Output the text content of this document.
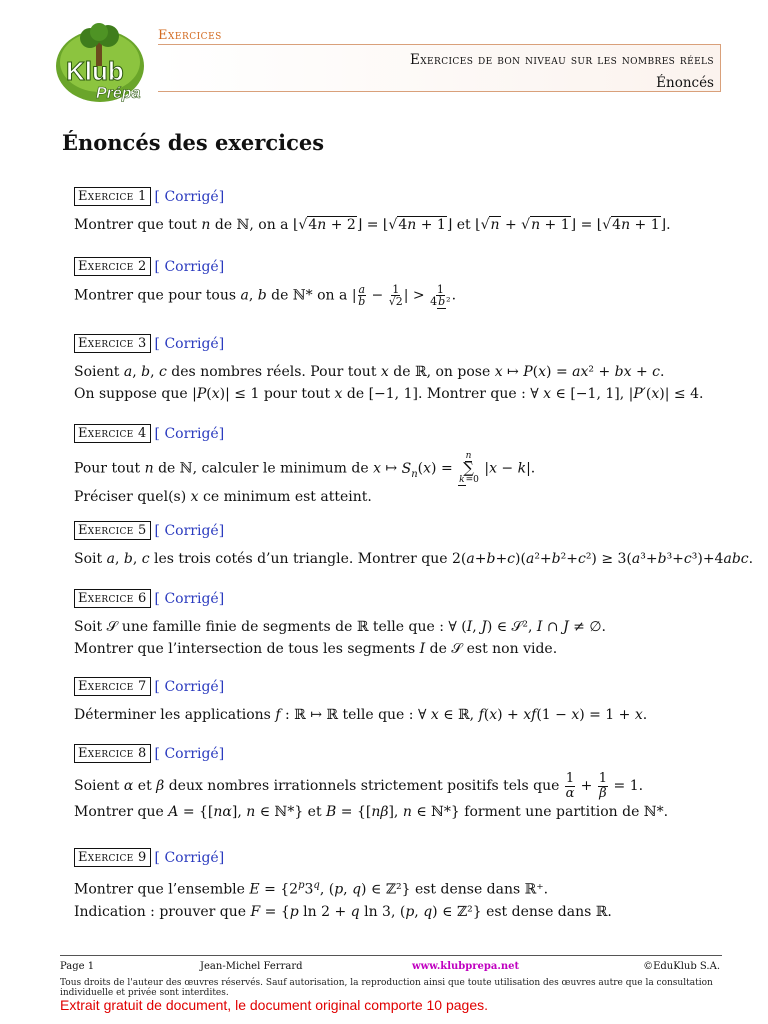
Klub
Prépa
Exercices
Exercices de bon niveau sur les nombres réels
Énoncés
Énoncés des exercices
Exercice 1 [ Corrigé]
Montrer que tout n de ℕ, on a ⌊√4n + 2⌋ = ⌊√4n + 1⌋ et ⌊√n + √n + 1⌋ = ⌊√4n + 1⌋.
Exercice 2 [ Corrigé]
Montrer que pour tous a, b de ℕ* on a | $\frac{a}{b} - \frac{1}{√2}$ | > $\frac{1}{\text{4b²}}$ .
Exercice 3 [ Corrigé]
Soient a, b, c des nombres réels. Pour tout x de ℝ, on pose x ↦ P(x) = ax² + bx + c.
On suppose que |P(x)| ≤ 1 pour tout x de [−1, 1]. Montrer que : ∀ x ∈ [−1, 1], |P′(x)| ≤ 4.
Exercice 4 [ Corrigé]
Pour tout n de ℕ, calculer le minimum de x ↦ $S_n(x)$ =
n
∑
k=0
|x − k|.
Préciser quel(s) x ce minimum est atteint.
Exercice 5 [ Corrigé]
Soit a, b, c les trois cotés d’un triangle. Montrer que 2(a+b+c)(a²+b²+c²) ≥ 3(a³+b³+c³)+4abc.
Exercice 6 [ Corrigé]
Soit 𝒮 une famille finie de segments de ℝ telle que : ∀ (I, J) ∈ 𝒮², I ∩ J ≠ ∅.
Montrer que l’intersection de tous les segments I de 𝒮 est non vide.
Exercice 7 [ Corrigé]
Déterminer les applications f : ℝ ↦ ℝ telle que : ∀ x ∈ ℝ, f(x) + xf(1 − x) = 1 + x.
Exercice 8 [ Corrigé]
Soient α et β deux nombres irrationnels strictement positifs tels que $\frac{1}{\alpha} + \frac{1}{\beta} = 1$.
Montrer que A = {[nα], n ∈ ℕ*} et B = {[nβ], n ∈ ℕ*} forment une partition de ℕ*.
Exercice 9 [ Corrigé]
Montrer que l’ensemble $E = \{2^p3^q$, (p, q) ∈ ℤ²} est dense dans ℝ⁺.
Indication : prouver que F = {p ln 2 + q ln 3, (p, q) ∈ ℤ²} est dense dans ℝ.
Page 1	Jean-Michel Ferrard	www.klubprepa.net	©EduKlub S.A.
Tous droits de l'auteur des œuvres réservés. Sauf autorisation, la reproduction ainsi que toute utilisation des œuvres autre que la consultation individuelle et privée sont interdites.
Extrait gratuit de document, le document original comporte 10 pages.
